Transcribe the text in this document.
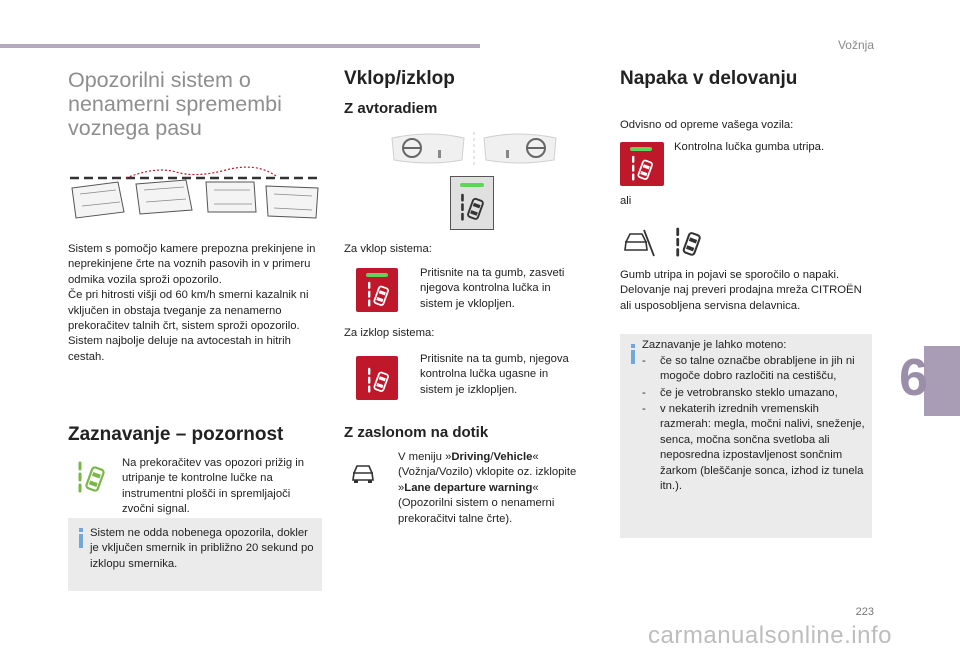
Vožnja
6
223
carmanualsonline.info
Opozorilni sistem o nenamerni spremembi voznega pasu
Sistem s pomočjo kamere prepozna prekinjene in neprekinjene črte na voznih pasovih in v primeru odmika vozila sproži opozorilo.
Če pri hitrosti višji od 60 km/h smerni kazalnik ni vključen in obstaja tveganje za nenamerno prekoračitev talnih črt, sistem sproži opozorilo.
Sistem najbolje deluje na avtocestah in hitrih cestah.
Zaznavanje – pozornost
Na prekoračitev vas opozori prižig in utripanje te kontrolne lučke na instrumentni plošči in spremljajoči zvočni signal.
Sistem ne odda nobenega opozorila, dokler je vključen smernik in približno 20 sekund po izklopu smernika.
Vklop/izklop
Z avtoradiem
Za vklop sistema:
Pritisnite na ta gumb, zasveti njegova kontrolna lučka in sistem je vklopljen.
Za izklop sistema:
Pritisnite na ta gumb, njegova kontrolna lučka ugasne in sistem je izklopljen.
Z zaslonom na dotik
V meniju »Driving/Vehicle« (Vožnja/Vozilo) vklopite oz. izklopite »Lane departure warning« (Opozorilni sistem o nenamerni prekoračitvi talne črte).
Napaka v delovanju
Odvisno od opreme vašega vozila:
Kontrolna lučka gumba utripa.
ali
Gumb utripa in pojavi se sporočilo o napaki. Delovanje naj preveri prodajna mreža CITROËN ali usposobljena servisna delavnica.
Zaznavanje je lahko moteno:
- če so talne označbe obrabljene in jih ni mogoče dobro razločiti na cestišču,
- če je vetrobransko steklo umazano,
- v nekaterih izrednih vremenskih razmerah: megla, močni nalivi, sneženje, senca, močna sončna svetloba ali neposredna izpostavljenost sončnim žarkom (bleščanje sonca, izhod iz tunela itn.).
